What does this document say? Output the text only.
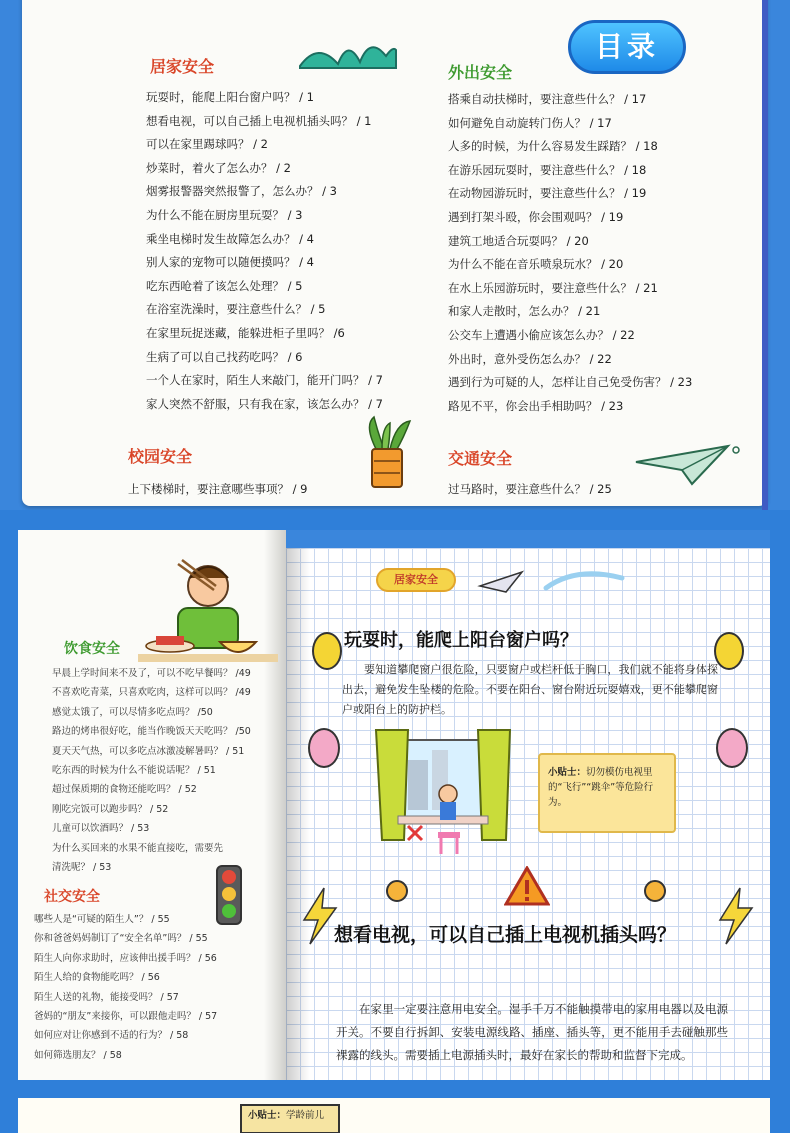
目录
居家安全
玩耍时，能爬上阳台窗户吗？ / 1
想看电视，可以自己插上电视机插头吗？ / 1
可以在家里踢球吗？ / 2
炒菜时，着火了怎么办？ / 2
烟雾报警器突然报警了，怎么办？ / 3
为什么不能在厨房里玩耍？ / 3
乘坐电梯时发生故障怎么办？ / 4
别人家的宠物可以随便摸吗？ / 4
吃东西呛着了该怎么处理？ / 5
在浴室洗澡时，要注意些什么？ / 5
在家里玩捉迷藏，能躲进柜子里吗？ /6
生病了可以自己找药吃吗？ / 6
一个人在家时，陌生人来敲门，能开门吗？ / 7
家人突然不舒服，只有我在家，该怎么办？ / 7
外出安全
搭乘自动扶梯时，要注意些什么？ / 17
如何避免自动旋转门伤人？ / 17
人多的时候，为什么容易发生踩踏？ / 18
在游乐园玩耍时，要注意些什么？ / 18
在动物园游玩时，要注意些什么？ / 19
遇到打架斗殴，你会围观吗？ / 19
建筑工地适合玩耍吗？ / 20
为什么不能在音乐喷泉玩水？ / 20
在水上乐园游玩时，要注意些什么？ / 21
和家人走散时，怎么办？ / 21
公交车上遭遇小偷应该怎么办？ / 22
外出时，意外受伤怎么办？ / 22
遇到行为可疑的人，怎样让自己免受伤害？ / 23
路见不平，你会出手相助吗？ / 23
校园安全
上下楼梯时，要注意哪些事项？ / 9
交通安全
过马路时，要注意些什么？ / 25
饮食安全
早晨上学时间来不及了，可以不吃早餐吗？ /49
不喜欢吃青菜，只喜欢吃肉，这样可以吗？ /49
感觉太饿了，可以尽情多吃点吗？ /50
路边的烤串很好吃，能当作晚饭天天吃吗？ /50
夏天天气热，可以多吃点冰激凌解暑吗？ / 51
吃东西的时候为什么不能说话呢？ / 51
超过保质期的食物还能吃吗？ / 52
刚吃完饭可以跑步吗？ / 52
儿童可以饮酒吗？ / 53
为什么买回来的水果不能直接吃，需要先
清洗呢？ / 53
社交安全
哪些人是“可疑的陌生人”？ / 55
你和爸爸妈妈制订了“安全名单”吗？ / 55
陌生人向你求助时，应该伸出援手吗？ / 56
陌生人给的食物能吃吗？ / 56
陌生人送的礼物，能接受吗？ / 57
爸妈的“朋友”来接你，可以跟他走吗？ / 57
如何应对让你感到不适的行为？ / 58
如何筛选朋友？ / 58
居家安全
玩耍时，能爬上阳台窗户吗？
要知道攀爬窗户很危险，只要窗户或栏杆低于胸口，我们就不能将身体探出去，避免发生坠楼的危险。不要在阳台、窗台附近玩耍嬉戏，更不能攀爬窗户或阳台上的防护栏。
小贴士：切勿模仿电视里的“飞行”“跳伞”等危险行为。
想看电视，可以自己插上电视机插头吗？
在家里一定要注意用电安全。湿手千万不能触摸带电的家用电器以及电源开关。不要自行拆卸、安装电源线路、插座、插头等，更不能用手去碰触那些裸露的线头。需要插上电源插头时，最好在家长的帮助和监督下完成。
小贴士：学龄前儿
